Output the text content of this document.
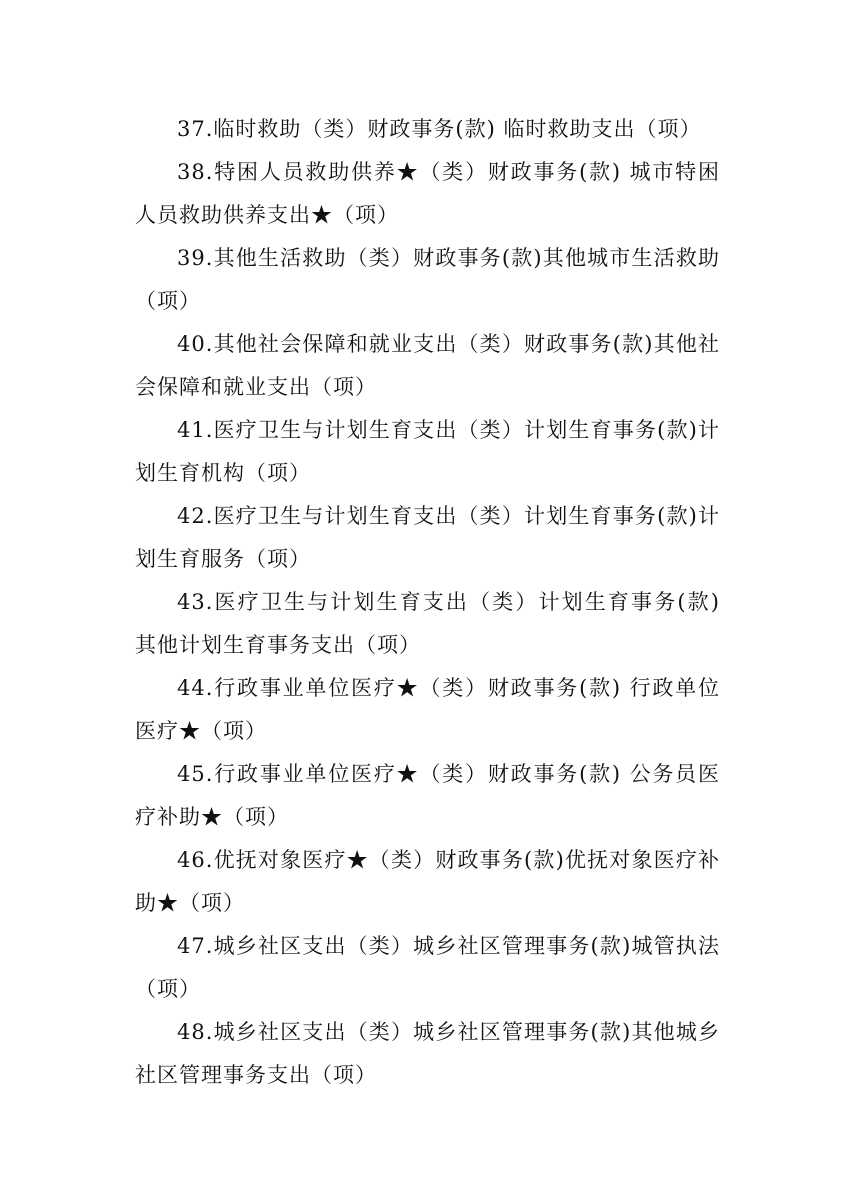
37.临时救助（类）财政事务(款) 临时救助支出（项）

38.特困人员救助供养★（类）财政事务(款) 城市特困人员救助供养支出★（项）

39.其他生活救助（类）财政事务(款)其他城市生活救助（项）

40.其他社会保障和就业支出（类）财政事务(款)其他社会保障和就业支出（项）

41.医疗卫生与计划生育支出（类）计划生育事务(款)计划生育机构（项）

42.医疗卫生与计划生育支出（类）计划生育事务(款)计划生育服务（项）

43.医疗卫生与计划生育支出（类）计划生育事务(款) 其他计划生育事务支出（项）

44.行政事业单位医疗★（类）财政事务(款) 行政单位医疗★（项）

45.行政事业单位医疗★（类）财政事务(款) 公务员医疗补助★（项）

46.优抚对象医疗★（类）财政事务(款)优抚对象医疗补助★（项）

47.城乡社区支出（类）城乡社区管理事务(款)城管执法（项）

48.城乡社区支出（类）城乡社区管理事务(款)其他城乡社区管理事务支出（项）
